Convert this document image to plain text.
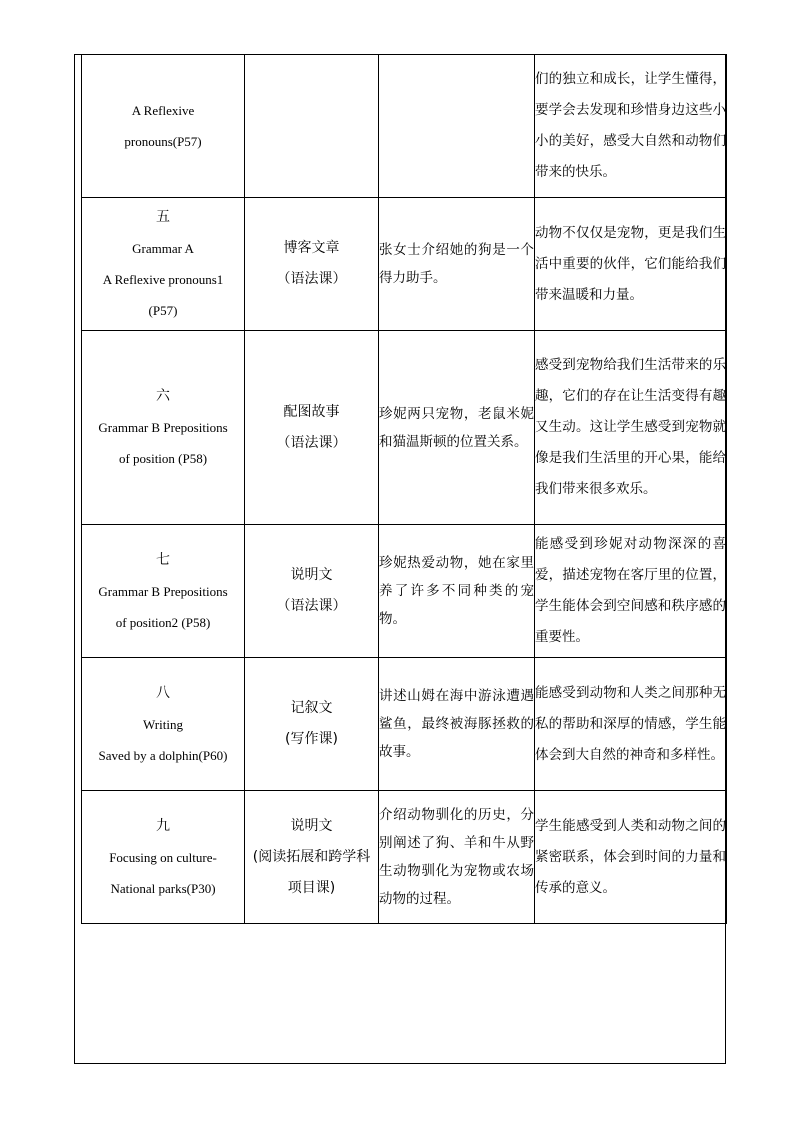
A Reflexive
pronouns(P57)			们的独立和成长，让学生懂得，要学会去发现和珍惜身边这些小小的美好，感受大自然和动物们带来的快乐。

五
Grammar A
A Reflexive pronouns1
(P57)	博客文章
（语法课）	张女士介绍她的狗是一个得力助手。	动物不仅仅是宠物，更是我们生活中重要的伙伴，它们能给我们带来温暖和力量。

六
Grammar B Prepositions
of position (P58)	配图故事
（语法课）	珍妮两只宠物，老鼠米妮和猫温斯顿的位置关系。	感受到宠物给我们生活带来的乐趣，它们的存在让生活变得有趣又生动。这让学生感受到宠物就像是我们生活里的开心果，能给我们带来很多欢乐。

七
Grammar B Prepositions
of position2 (P58)	说明文
（语法课）	珍妮热爱动物，她在家里养了许多不同种类的宠物。	能感受到珍妮对动物深深的喜爱，描述宠物在客厅里的位置，学生能体会到空间感和秩序感的重要性。

八
Writing
Saved by a dolphin(P60)	记叙文
(写作课)	讲述山姆在海中游泳遭遇鲨鱼，最终被海豚拯救的故事。	能感受到动物和人类之间那种无私的帮助和深厚的情感，学生能体会到大自然的神奇和多样性。

九
Focusing on culture-
National parks(P30)	说明文
(阅读拓展和跨学科
项目课)	介绍动物驯化的历史，分别阐述了狗、羊和牛从野生动物驯化为宠物或农场动物的过程。	学生能感受到人类和动物之间的紧密联系，体会到时间的力量和传承的意义。
